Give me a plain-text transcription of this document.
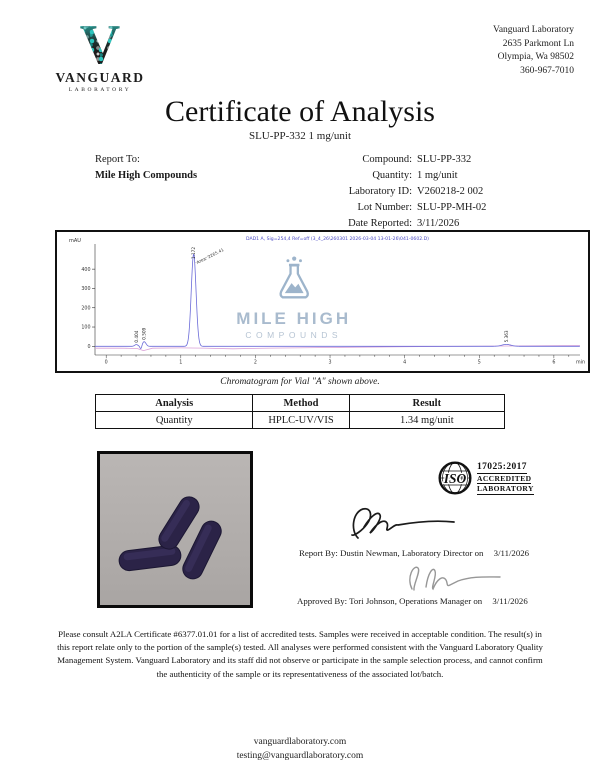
V
VANGUARD
LABORATORY
Vanguard Laboratory
2635 Parkmont Ln
Olympia, Wa 98502
360-967-7010
Certificate of Analysis
SLU-PP-332 1 mg/unit
Report To:
Mile High Compounds
Compound: SLU-PP-332
Quantity: 1 mg/unit
Laboratory ID: V260218-2 002
Lot Number: SLU-PP-MH-02
Date Reported: 3/11/2026
MILE HIGH
COMPOUNDS
DAD1 A, Sig=254,4 Ref=off (3_4_26\260301 2026-03-04 13-01-26\041-0602.D)
0
100
200
300
400
mAU
0	1	2	3	4	5	6	min
0.404 0.509
1.172 Area: 2265.41
5.363
Chromatogram for Vial "A" shown above.
Analysis	Method	Result
Quantity	HPLC-UV/VIS	1.34 mg/unit
ISO
17025:2017
ACCREDITED
LABORATORY
Report By: Dustin Newman, Laboratory Director on 3/11/2026
Approved By: Tori Johnson, Operations Manager on 3/11/2026
Please consult A2LA Certificate #6377.01.01 for a list of accredited tests. Samples were received in acceptable condition. The result(s) in this report relate only to the portion of the sample(s) tested. All analyses were performed consistent with the Vanguard Laboratory Quality Management System. Vanguard Laboratory and its staff did not observe or participate in the sample selection process, and cannot confirm the authenticity of the sample or its representativeness of the associated lot/batch.
vanguardlaboratory.com
testing@vanguardlaboratory.com
